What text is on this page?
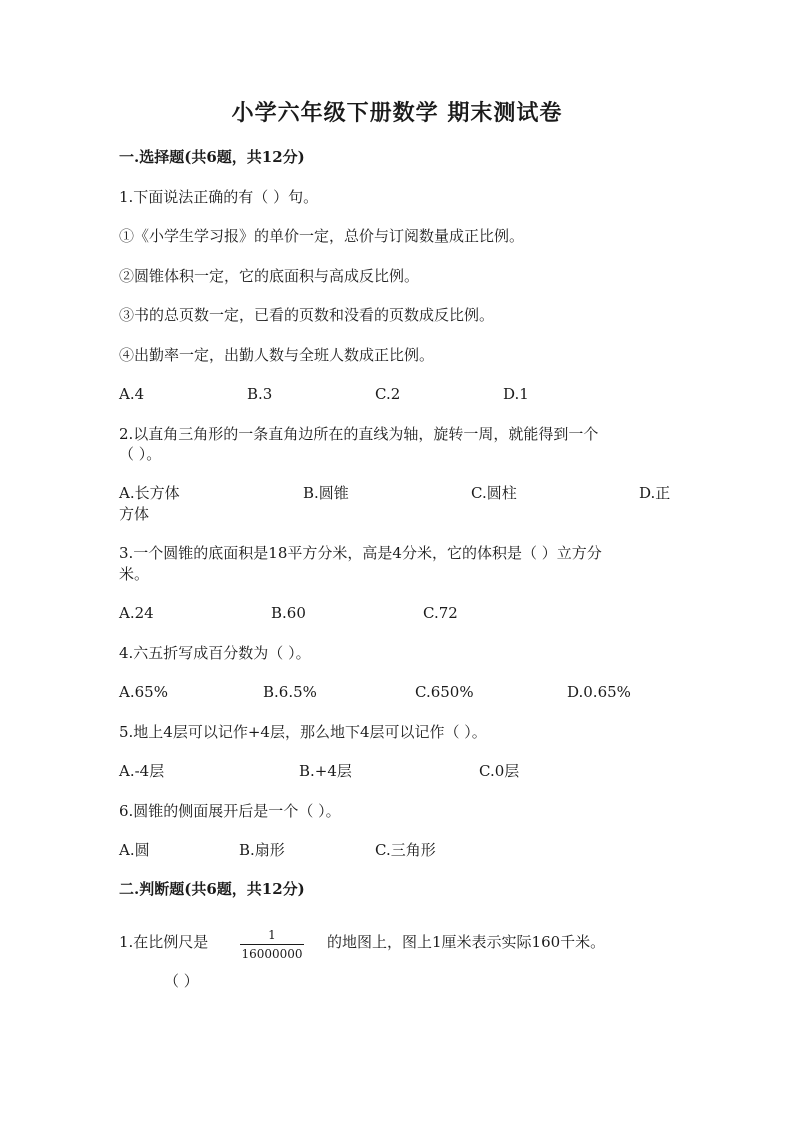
小学六年级下册数学 期末测试卷
一.选择题(共6题，共12分)
1.下面说法正确的有（ ）句。
①《小学生学习报》的单价一定，总价与订阅数量成正比例。
②圆锥体积一定，它的底面积与高成反比例。
③书的总页数一定，已看的页数和没看的页数成反比例。
④出勤率一定，出勤人数与全班人数成正比例。
A.4	B.3	C.2	D.1
2.以直角三角形的一条直角边所在的直线为轴，旋转一周，就能得到一个
（ ）。
A.长方体	B.圆锥	C.圆柱	D.正
方体
3.一个圆锥的底面积是18平方分米，高是4分米，它的体积是（ ）立方分
米。
A.24	B.60	C.72
4.六五折写成百分数为（ ）。
A.65%	B.6.5%	C.650%	D.0.65%
5.地上4层可以记作+4层，那么地下4层可以记作（ ）。
A.-4层	B.+4层	C.0层
6.圆锥的侧面展开后是一个（ ）。
A.圆	B.扇形	C.三角形
二.判断题(共6题，共12分)
1.在比例尺是	1
16000000
的地图上，图上1厘米表示实际160千米。
（ ）
